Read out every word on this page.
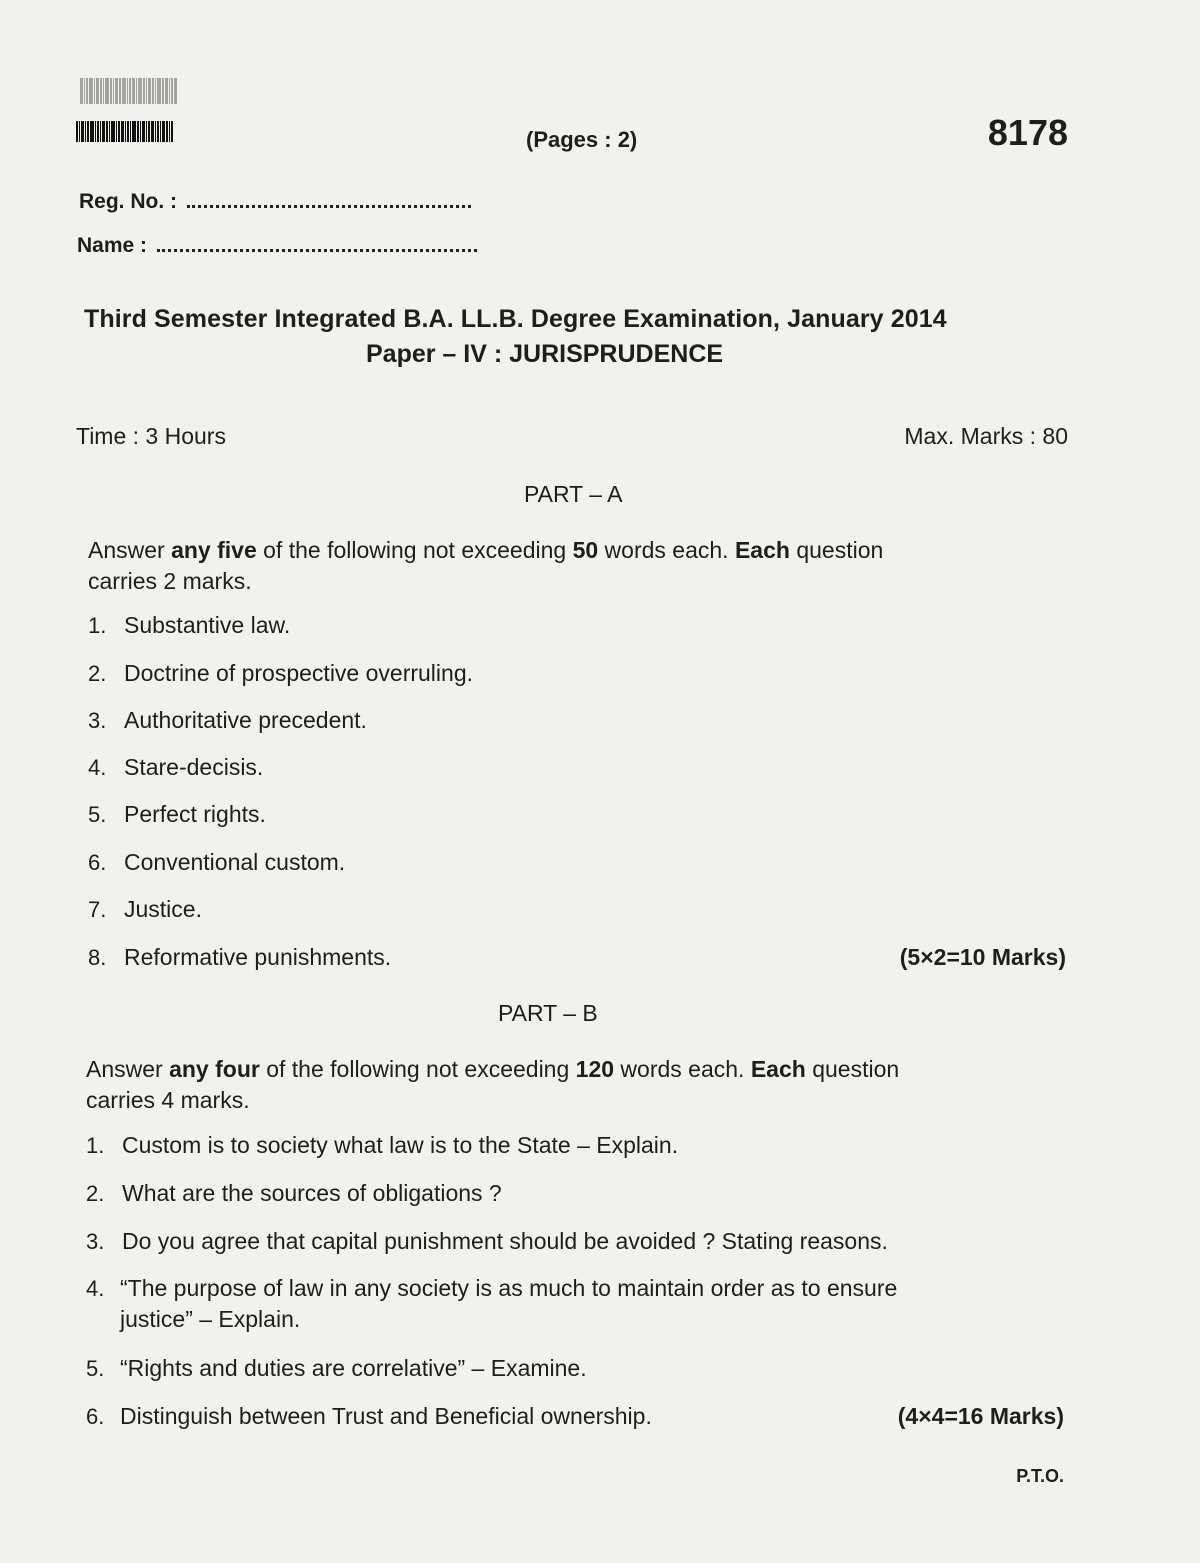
(Pages : 2)	8178
Reg. No. :
Name :
Third Semester Integrated B.A. LL.B. Degree Examination, January 2014
Paper – IV : JURISPRUDENCE
Time : 3 Hours	Max. Marks : 80
PART – A
Answer any five of the following not exceeding 50 words each. Each question
carries 2 marks.
1. Substantive law.
2. Doctrine of prospective overruling.
3. Authoritative precedent.
4. Stare-decisis.
5. Perfect rights.
6. Conventional custom.
7. Justice.
8. Reformative punishments.	(5×2=10 Marks)
PART – B
Answer any four of the following not exceeding 120 words each. Each question
carries 4 marks.
1. Custom is to society what law is to the State – Explain.
2. What are the sources of obligations ?
3. Do you agree that capital punishment should be avoided ? Stating reasons.
4. “The purpose of law in any society is as much to maintain order as to ensure
justice” – Explain.
5. “Rights and duties are correlative” – Examine.
6. Distinguish between Trust and Beneficial ownership.	(4×4=16 Marks)
P.T.O.
